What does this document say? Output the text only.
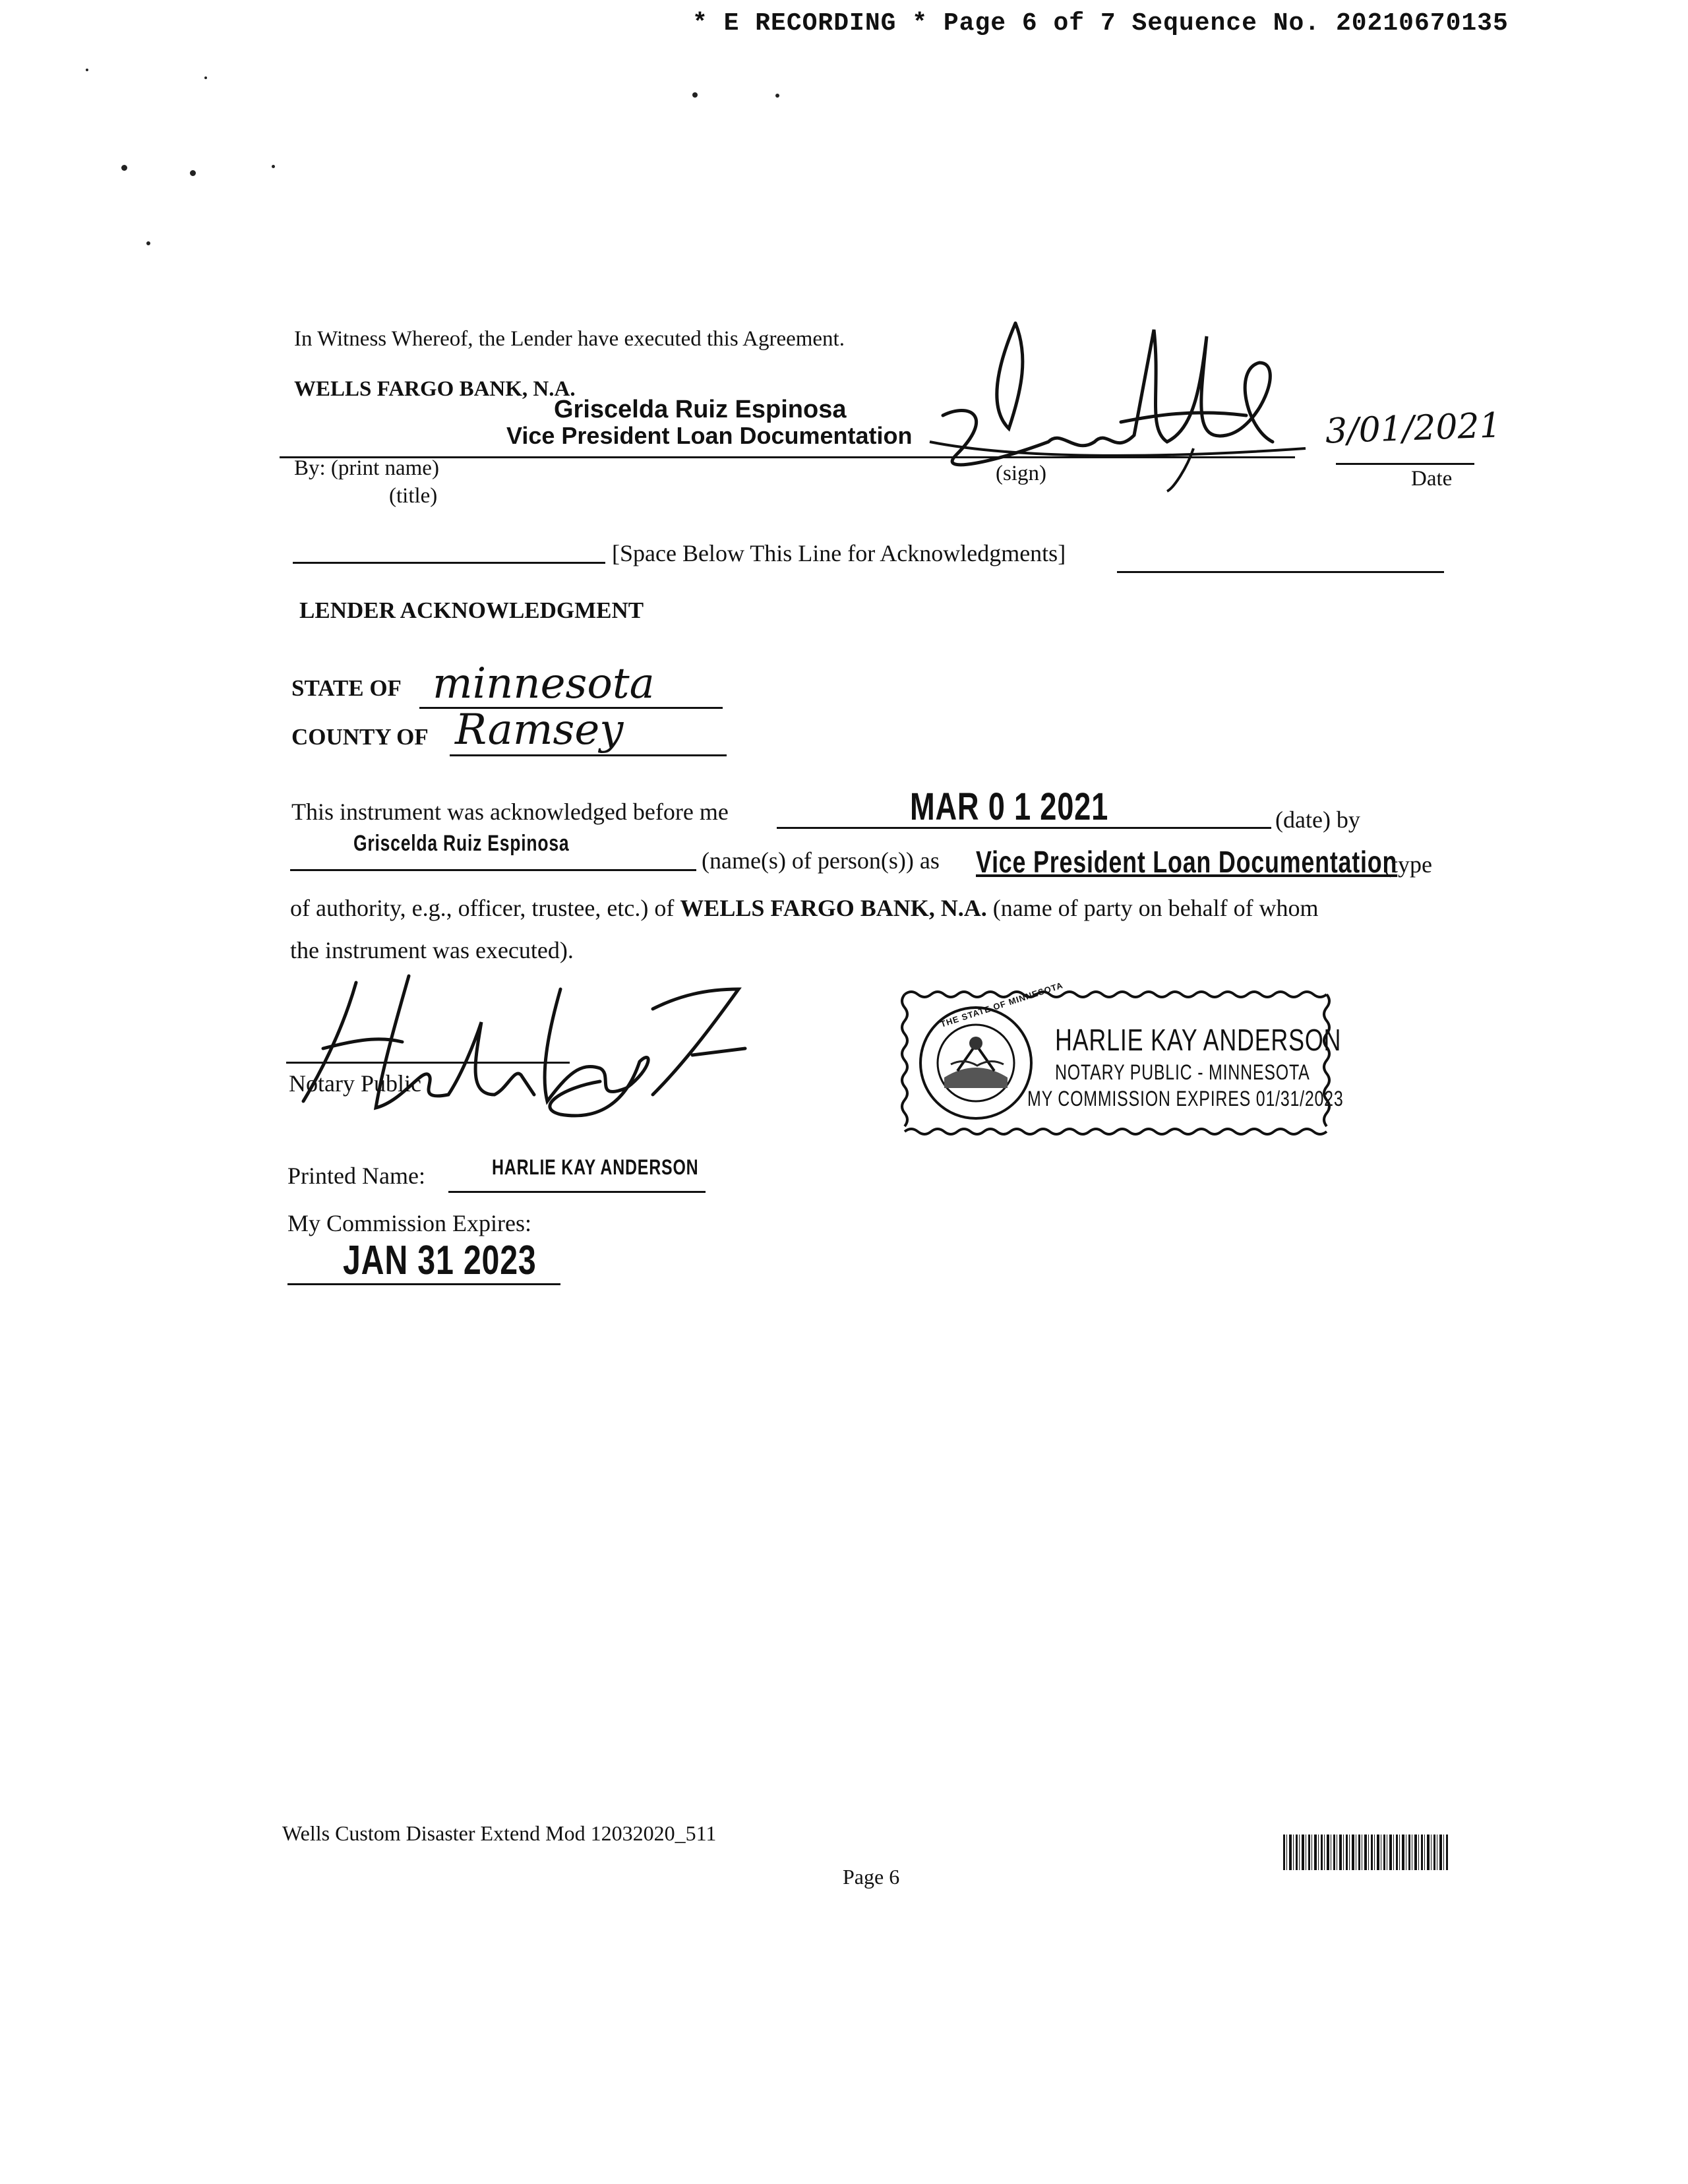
* E RECORDING * Page 6 of 7 Sequence No. 20210670135
In Witness Whereof, the Lender have executed this Agreement.
WELLS FARGO BANK, N.A.
Griscelda Ruiz Espinosa
Vice President Loan Documentation	3/01/2021
By: (print name)
(title)
(sign)	Date
[Space Below This Line for Acknowledgments]
LENDER ACKNOWLEDGMENT
STATE OF minnesota
COUNTY OF Ramsey
This instrument was acknowledged before me	MAR 0 1 2021	(date) by
Griscelda Ruiz Espinosa
(name(s) of person(s)) as Vice President Loan Documentation
(type
of authority, e.g., officer, trustee, etc.) of WELLS FARGO BANK, N.A. (name of party on behalf of whom
the instrument was executed).
Notary Public
THE STATE OF MINNESOTA
HARLIE KAY ANDERSON
NOTARY PUBLIC - MINNESOTA
MY COMMISSION EXPIRES 01/31/2023
Printed Name:	HARLIE KAY ANDERSON
My Commission Expires:
JAN 31 2023
Wells Custom Disaster Extend Mod 12032020_511
Page 6
